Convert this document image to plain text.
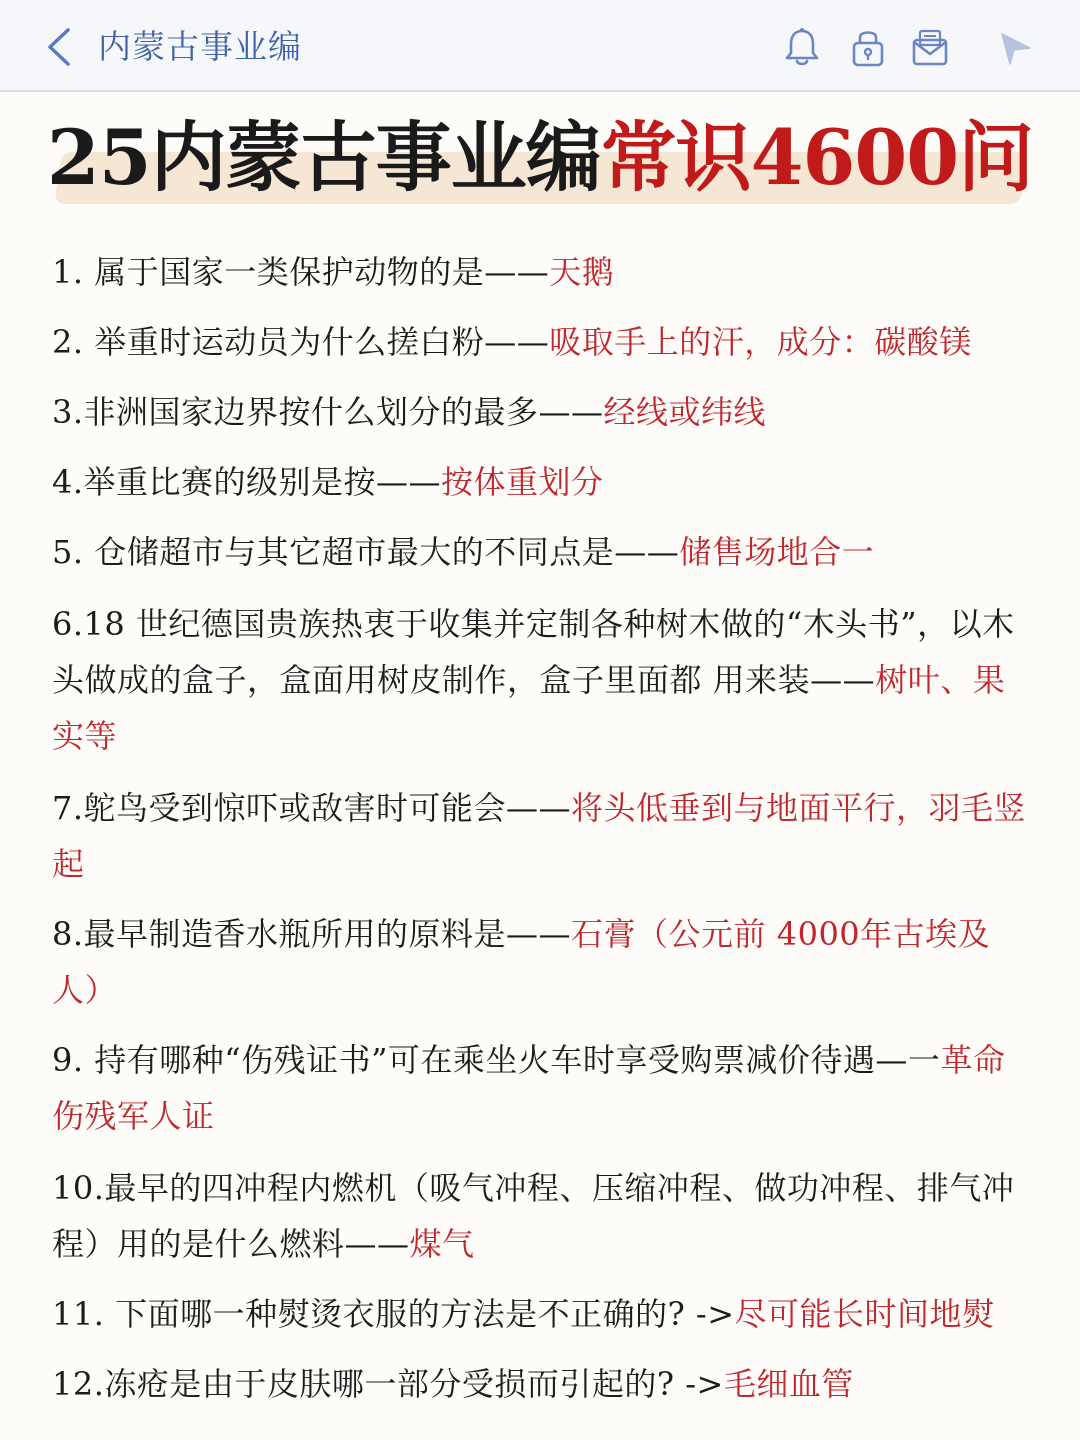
内蒙古事业编
25内蒙古事业编常识4600问
1. 属于国家一类保护动物的是——天鹅
2. 举重时运动员为什么搓白粉——吸取手上的汗，成分：碳酸镁
3.非洲国家边界按什么划分的最多——经线或纬线
4.举重比赛的级别是按——按体重划分
5. 仓储超市与其它超市最大的不同点是——储售场地合一
6.18 世纪德国贵族热衷于收集并定制各种树木做的“木头书”，以木头做成的盒子，盒面用树皮制作，盒子里面都 用来装——树叶、果实等
7.鸵鸟受到惊吓或敌害时可能会——将头低垂到与地面平行，羽毛竖起
8.最早制造香水瓶所用的原料是——石膏（公元前 4000年古埃及人）
9. 持有哪种“伤残证书”可在乘坐火车时享受购票减价待遇—一革命伤残军人证
10.最早的四冲程内燃机（吸气冲程、压缩冲程、做功冲程、排气冲程）用的是什么燃料——煤气
11. 下面哪一种熨烫衣服的方法是不正确的? ->尽可能长时间地熨
12.冻疮是由于皮肤哪一部分受损而引起的? ->毛细血管
